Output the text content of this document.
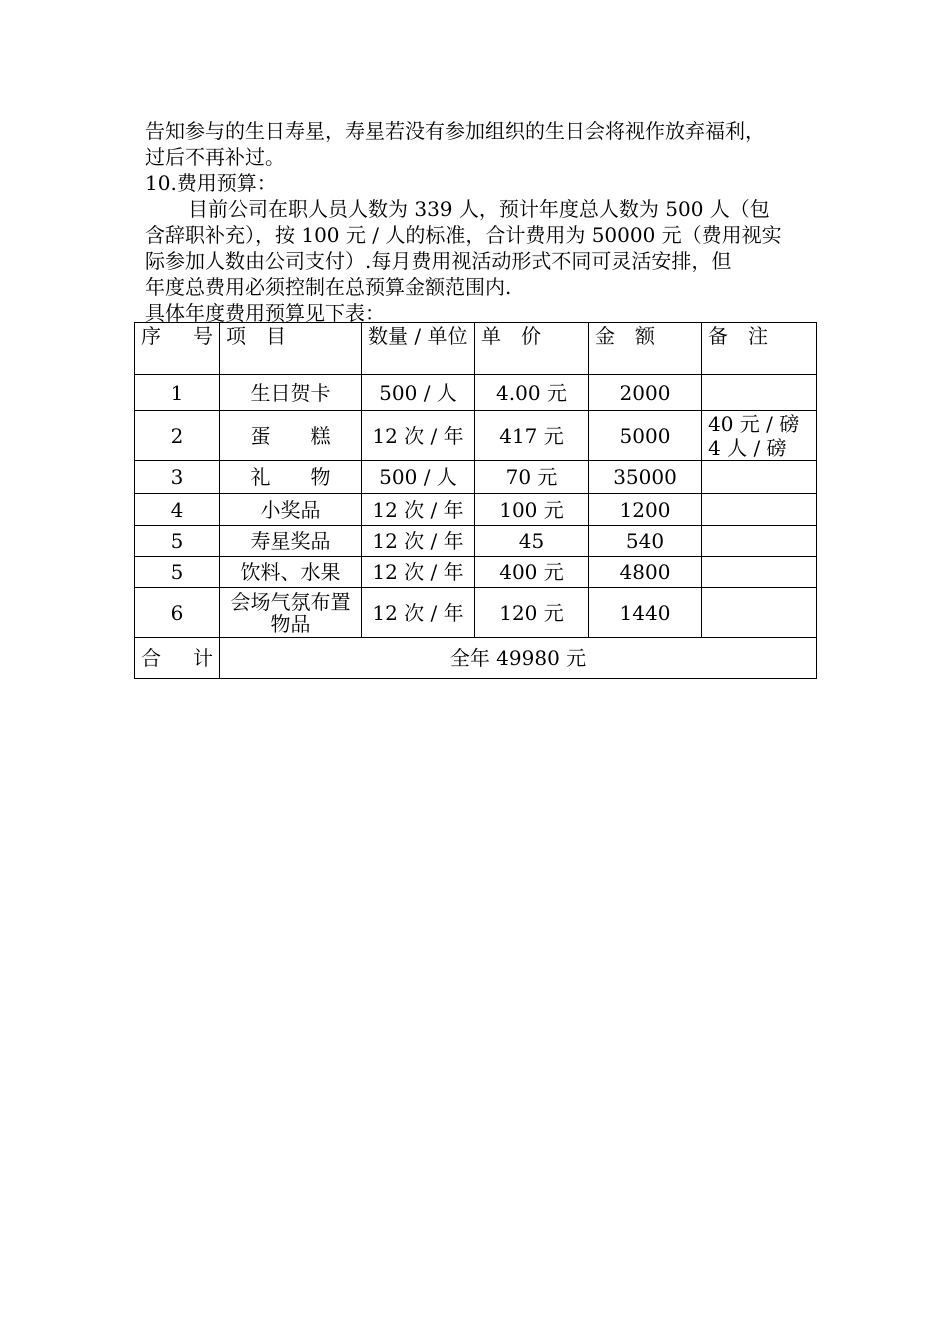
告知参与的生日寿星，寿星若没有参加组织的生日会将视作放弃福利，

过后不再补过。

10.费用预算：

目前公司在职人员人数为 339 人，预计年度总人数为 500 人（包

含辞职补充），按 100 元 / 人的标准，合计费用为 50000 元（费用视实

际参加人数由公司支付）.每月费用视活动形式不同可灵活安排，但

年度总费用必须控制在总预算金额范围内.

具体年度费用预算见下表：

序 号	项　 目	数量 / 单位	单　 价	金　 额	备　 注
1	生日贺卡	500 / 人	4.00 元	2000	
2	蛋　　糕	12 次 / 年	417 元	5000	40 元 / 磅 4 人 / 磅
3	礼　　物	500 / 人	70 元	35000	
4	小奖品	12 次 / 年	100 元	1200	
5	寿星奖品	12 次 / 年	45	540	
5	饮料、水果	12 次 / 年	400 元	4800	
6	会场气氛布置物品	12 次 / 年	120 元	1440	

合 计	全年 49980 元				
